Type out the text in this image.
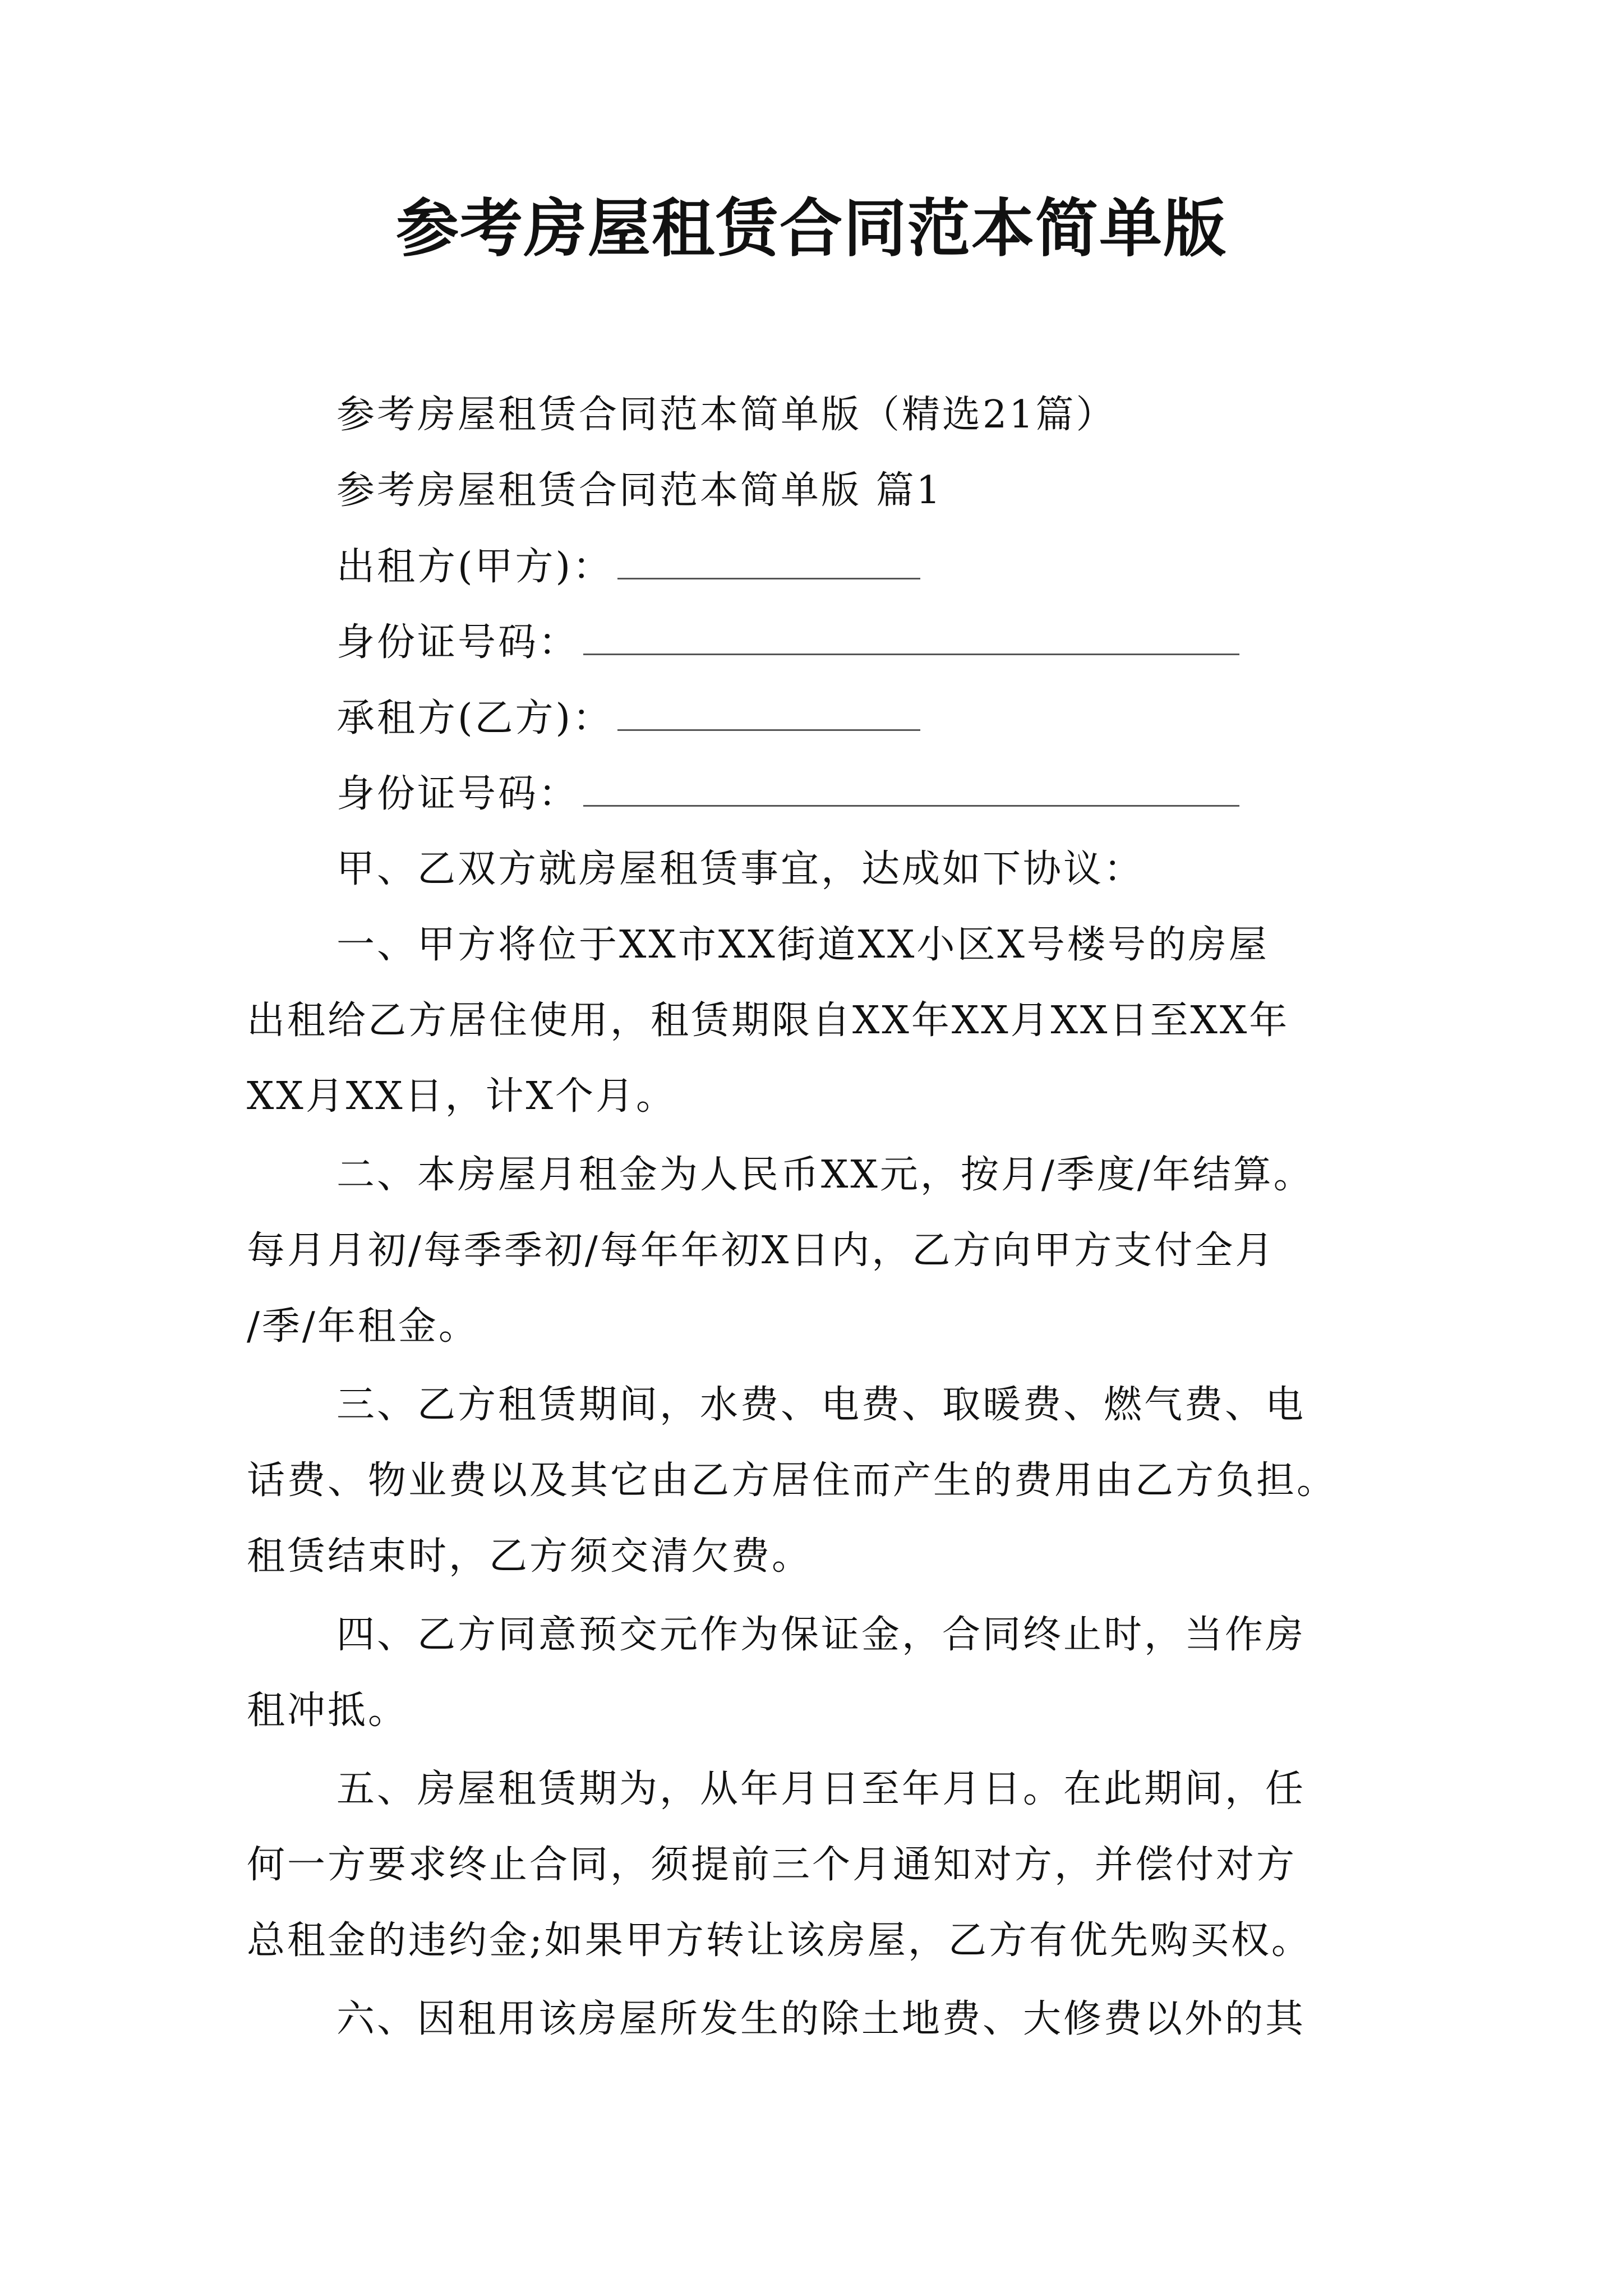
参考房屋租赁合同范本简单版
参考房屋租赁合同范本简单版（精选21篇）
参考房屋租赁合同范本简单版 篇1
出租方(甲方)：
身份证号码：
承租方(乙方)：
身份证号码：
甲、乙双方就房屋租赁事宜，达成如下协议：
一、甲方将位于XX市XX街道XX小区X号楼号的房屋
出租给乙方居住使用，租赁期限自XX年XX月XX日至XX年
XX月XX日，计X个月。
二、本房屋月租金为人民币XX元，按月/季度/年结算。
每月月初/每季季初/每年年初X日内，乙方向甲方支付全月
/季/年租金。
三、乙方租赁期间，水费、电费、取暖费、燃气费、电
话费、物业费以及其它由乙方居住而产生的费用由乙方负担。
租赁结束时，乙方须交清欠费。
四、乙方同意预交元作为保证金，合同终止时，当作房
租冲抵。
五、房屋租赁期为，从年月日至年月日。在此期间，任
何一方要求终止合同，须提前三个月通知对方，并偿付对方
总租金的违约金;如果甲方转让该房屋，乙方有优先购买权。
六、因租用该房屋所发生的除土地费、大修费以外的其
